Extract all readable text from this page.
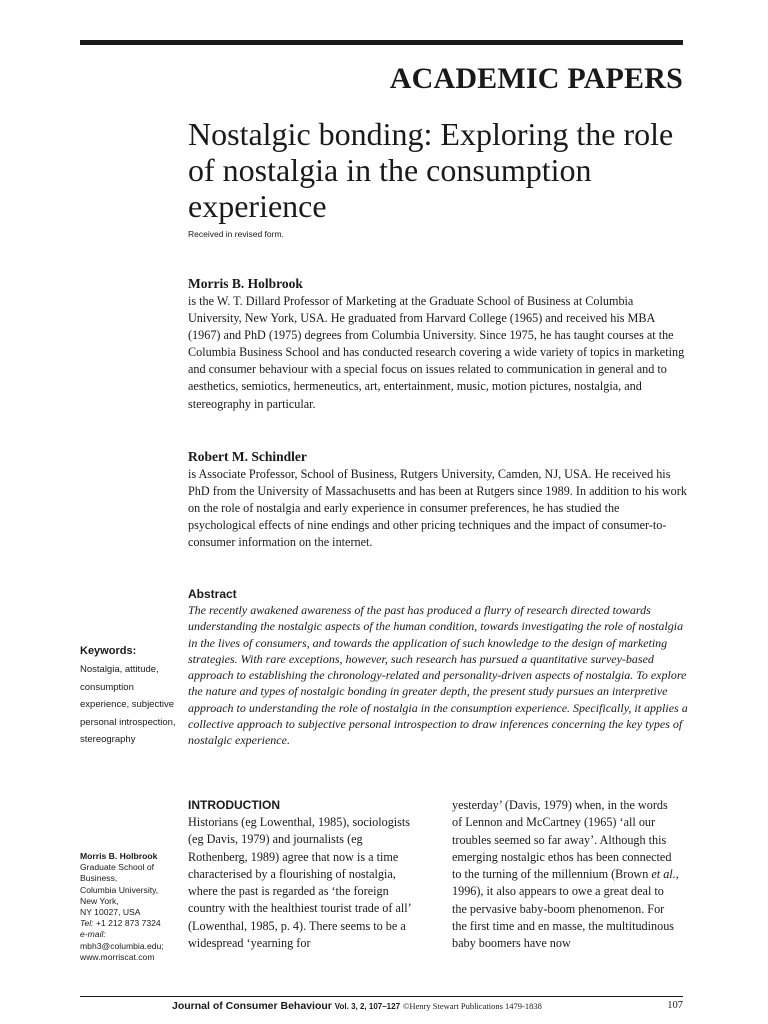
ACADEMIC PAPERS
Nostalgic bonding: Exploring the role of nostalgia in the consumption experience
Received in revised form.
Morris B. Holbrook
is the W. T. Dillard Professor of Marketing at the Graduate School of Business at Columbia University, New York, USA. He graduated from Harvard College (1965) and received his MBA (1967) and PhD (1975) degrees from Columbia University. Since 1975, he has taught courses at the Columbia Business School and has conducted research covering a wide variety of topics in marketing and consumer behaviour with a special focus on issues related to communication in general and to aesthetics, semiotics, hermeneutics, art, entertainment, music, motion pictures, nostalgia, and stereography in particular.
Robert M. Schindler
is Associate Professor, School of Business, Rutgers University, Camden, NJ, USA. He received his PhD from the University of Massachusetts and has been at Rutgers since 1989. In addition to his work on the role of nostalgia and early experience in consumer preferences, he has studied the psychological effects of nine endings and other pricing techniques and the impact of consumer-to-consumer information on the internet.
Abstract
The recently awakened awareness of the past has produced a flurry of research directed towards understanding the nostalgic aspects of the human condition, towards investigating the role of nostalgia in the lives of consumers, and towards the application of such knowledge to the design of marketing strategies. With rare exceptions, however, such research has pursued a quantitative survey-based approach to establishing the chronology-related and personality-driven aspects of nostalgia. To explore the nature and types of nostalgic bonding in greater depth, the present study pursues an interpretive approach to understanding the role of nostalgia in the consumption experience. Specifically, it applies a collective approach to subjective personal introspection to draw inferences concerning the key types of nostalgic experience.
Keywords:
Nostalgia, attitude, consumption experience, subjective personal introspection, stereography
Morris B. Holbrook
Graduate School of
Business,
Columbia University,
New York,
NY 10027, USA
Tel: +1 212 873 7324
e-mail:
mbh3@columbia.edu;
www.morriscat.com
INTRODUCTION
Historians (eg Lowenthal, 1985), sociologists (eg Davis, 1979) and journalists (eg Rothenberg, 1989) agree that now is a time characterised by a flourishing of nostalgia, where the past is regarded as ‘the foreign country with the healthiest tourist trade of all’ (Lowenthal, 1985, p. 4). There seems to be a widespread ‘yearning for
yesterday’ (Davis, 1979) when, in the words of Lennon and McCartney (1965) ‘all our troubles seemed so far away’. Although this emerging nostalgic ethos has been connected to the turning of the millennium (Brown et al., 1996), it also appears to owe a great deal to the pervasive baby-boom phenomenon. For the first time and en masse, the multitudinous baby boomers have now
Journal of Consumer Behaviour Vol. 3, 2, 107–127 ©Henry Stewart Publications 1479-1838	107
